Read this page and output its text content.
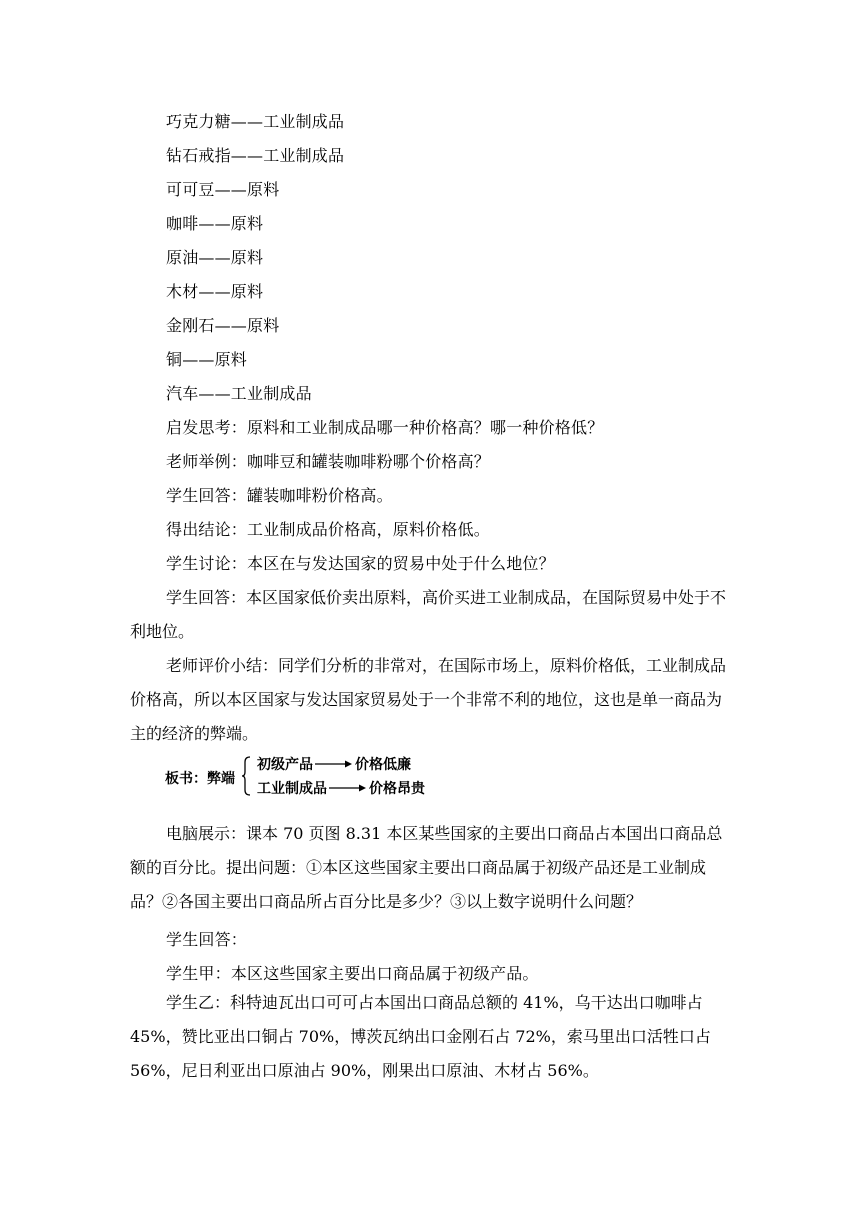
巧克力糖——工业制成品
钻石戒指——工业制成品
可可豆——原料
咖啡——原料
原油——原料
木材——原料
金刚石——原料
铜——原料
汽车——工业制成品
启发思考：原料和工业制成品哪一种价格高？哪一种价格低？
老师举例：咖啡豆和罐装咖啡粉哪个价格高？
学生回答：罐装咖啡粉价格高。
得出结论：工业制成品价格高，原料价格低。
学生讨论：本区在与发达国家的贸易中处于什么地位？

学生回答：本区国家低价卖出原料，高价买进工业制成品，在国际贸易中处于不利地位。

老师评价小结：同学们分析的非常对，在国际市场上，原料价格低，工业制成品价格高，所以本区国家与发达国家贸易处于一个非常不利的地位，这也是单一商品为主的经济的弊端。

板书：弊端
初级产品	价格低廉
工业制成品	价格昂贵

电脑展示：课本 70 页图 8.31 本区某些国家的主要出口商品占本国出口商品总额的百分比。提出问题：①本区这些国家主要出口商品属于初级产品还是工业制成品？②各国主要出口商品所占百分比是多少？③以上数字说明什么问题？

学生回答：
学生甲：本区这些国家主要出口商品属于初级产品。

学生乙：科特迪瓦出口可可占本国出口商品总额的 41%，乌干达出口咖啡占 45%，赞比亚出口铜占 70%，博茨瓦纳出口金刚石占 72%，索马里出口活牲口占 56%，尼日利亚出口原油占 90%，刚果出口原油、木材占 56%。
